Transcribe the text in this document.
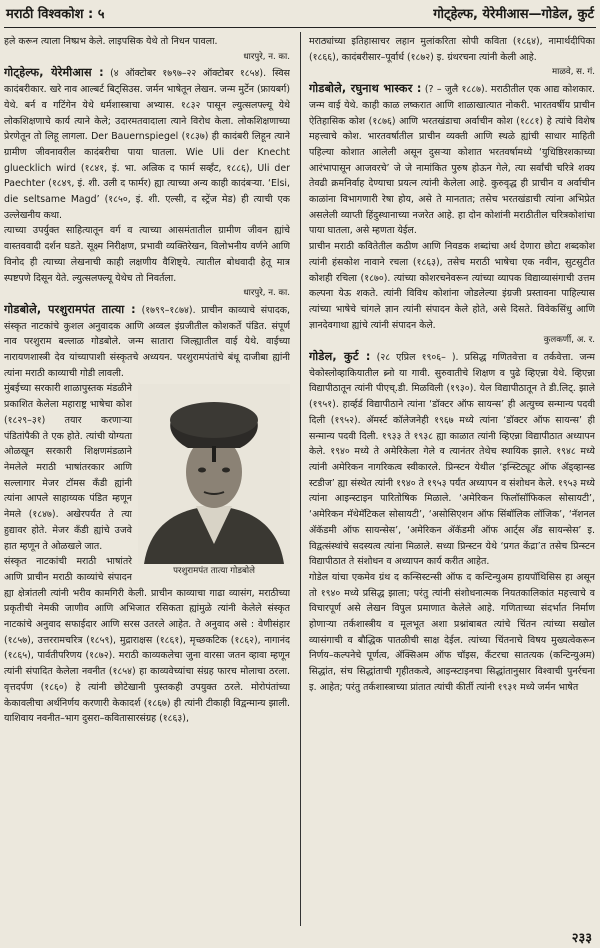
मराठी विश्वकोश : ५	गोट्हेल्फ, येरेमीआस—गोडेल, कुर्ट

हले करून त्याला निष्प्रभ केले. लाइपसिक येथे तो निधन पावला.

धारपुरे, न. का.

गोट्हेल्फ, येरेमीआस : (४ ऑक्टोबर १७९७–२२ ऑक्टोबर १८५४). स्विस कादंबरीकार. खरे नाव आल्बर्ट बिट्सिउस. जर्मन भाषेतून लेखन. जन्म मुर्टेन (फ्रायबर्ग) येथे. बर्न व गटिंगेन येथे धर्मशास्त्राचा अभ्यास. १८३२ पासून ल्युत्सलफ्ल्यू येथे लोकशिक्षणाचे कार्य त्याने केले; उदारमतवादाला त्याने विरोध केला. लोकशिक्षणाच्या प्रेरणेतून तो लिहू लागला. Der Bauernspiegel (१८३७) ही कादंबरी लिहून त्याने ग्रामीण जीवनावरील कादंबरीचा पाया घातला. Wie Uli der Knecht gluecklich wird (१८४१, इं. भा. अल्रिक द फार्म सर्व्हंट, १८८६), Uli der Paechter (१८४९, इं. शी. उली द फार्मर) ह्या त्याच्या अन्य काही कादंबऱ्या. ‘Elsi, die seltsame Magd’ (१८५०, इं. शी. एल्सी, द स्ट्रेंज मेड) ही त्याची एक उल्लेखनीय कथा.

त्याच्या उपर्युक्त साहित्यातून वर्ग व त्याच्या आसमंतातील ग्रामीण जीवन ह्यांचे वास्तववादी दर्शन घडते. सूक्ष्म निरीक्षण, प्रभावी व्यक्तिरेखन, विलोभनीय वर्णने आणि विनोद ही त्याच्या लेखनाची काही लक्षणीय वैशिष्ट्ये. त्यातील बोधवादी हेतू मात्र स्पष्टपणे दिसून येते. ल्युत्सलफ्ल्यू येथेच तो निवर्तला.

धारपुरे, न. का.

गोडबोले, परशुरामपंत तात्या : (१७९९–१८७४). प्राचीन काव्याचे संपादक, संस्कृत नाटकांचे कुशल अनुवादक आणि अव्वल इंग्रजीतील कोशकर्ते पंडित. संपूर्ण नाव परशुराम बल्लाळ गोडबोले. जन्म सातारा जिल्ह्यातील वाई येथे. वाईच्या नारायणशास्त्री देव यांच्यापाशी संस्कृतचे अध्ययन. परशुरामपंतांचे बंधू दाजीबा ह्यांनी त्यांना मराठी काव्याची गोडी लावली.

परशुरामपंत तात्या गोडबोले

मुंबईच्या सरकारी शाळापुस्तक मंडळीने प्रकाशित केलेला महाराष्ट्र भाषेचा कोश (१८२९–३१) तयार करणाऱ्या पंडितांपैकी ते एक होते. त्यांची योग्यता ओळखून सरकारी शिक्षणमंडळाने नेमलेले मराठी भाषांतरकार आणि सल्लागार मेजर टॉमस कँडी ह्यांनी त्यांना आपले साहाय्यक पंडित म्हणून नेमले (१८४७). अखेरपर्यंत ते त्या हुद्यावर होते. मेजर कँडी ह्यांचे उजवे हात म्हणून ते ओळखले जात.

संस्कृत नाटकांची मराठी भाषांतरे आणि प्राचीन मराठी काव्यांचे संपादन ह्या क्षेत्रांतली त्यांनी भरीव कामगिरी केली. प्राचीन काव्याचा गाढा व्यासंग, मराठीच्या प्रकृतीची नेमकी जाणीव आणि अभिजात रसिकता ह्यांमुळे त्यांनी केलेले संस्कृत नाटकांचे अनुवाद सफाईदार आणि सरस उतरले आहेत. ते अनुवाद असे : वेणीसंहार (१८५७), उत्तररामचरित्र (१८५९), मुद्राराक्षस (१८६१), मृच्छकटिक (१८६२), नागानंद (१८६५), पार्वतीपरिणय (१८७२). मराठी काव्यकलेचा जुना वारसा जतन व्हावा म्हणून त्यांनी संपादित केलेला नवनीत (१८५४) हा काव्यवेच्यांचा संग्रह फारच मोलाचा ठरला. वृत्तदर्पण (१८६०) हे त्यांनी छोटेखानी पुस्तकही उपयुक्त ठरले. मोरोपंतांच्या केकावलीचा अर्थनिर्णय करणारी केकादर्श (१८६७) ही त्यांनी टीकाही विद्वन्मान्य झाली. याशिवाय नवनीत–भाग दुसरा–कवितासारसंग्रह (१८६३),

मराठ्यांच्या इतिहासाचर लहान मुलांकरिता सोपी कविता (१८६४), नामार्थदीपिका (१८६६), कादंबरीसार–पूर्वार्ध (१८७२) इ. ग्रंथरचना त्यांनी केली आहे.

माळवे, स. गं.

गोडबोले, रघुनाथ भास्कर : (? – जुलै १८८७). मराठीतील एक आद्य कोशकार. जन्म वाई येथे. काही काळ लष्करात आणि शाळाखात्यात नोकरी. भारतवर्षीय प्राचीन ऐतिहासिक कोश (१८७६) आणि भरतखंडाचा अर्वाचीन कोश (१८८१) हे त्यांचे विशेष महत्त्वाचे कोश. भारतवर्षातील प्राचीन व्यक्ती आणि स्थळे ह्यांची साधार माहिती पहिल्या कोशात आलेली असून दुसऱ्या कोशात भरतवर्षामध्ये ‘युधिष्ठिरशकाच्या आरंभापासून आजवरचे’ जे जे नामांकित पुरुष होऊन गेले, त्या सर्वांची चरित्रे शक्य तेवढी क्रमनिर्वाह देण्याचा प्रयत्न त्यांनी केलेला आहे. कुरुवृद्ध ही प्राचीन व अर्वाचीन काळांना विभागणारी रेषा होय, असे ते मानतात; तसेच भरतखंडाची त्यांना अभिप्रेत असलेली व्याप्ती हिंदुस्थानाच्या नजरेत आहे. हा दोन कोशांनी मराठीतील चरित्रकोशांचा पाया घातला, असे म्हणता येईल.

प्राचीन मराठी कवितेतील कठीण आणि निवडक शब्दांचा अर्थ देणारा छोटा शब्दकोश त्यांनी हंसकोश नावाने रचला (१८६३), तसेच मराठी भाषेचा एक नवीन, सुटसुटीत कोशही रचिला (१८७०). त्यांच्या कोशरचनेवरून त्यांच्या व्यापक विद्याव्यासंगाची उत्तम कल्पना येऊ शकते. त्यांनी विविध कोशांना जोडलेल्या इंग्रजी प्रस्तावना पाहिल्यास त्यांच्या भाषेचे चांगले ज्ञान त्यांनी संपादन केले होते, असे दिसते. विवेकसिंधु आणि ज्ञानदेवगाथा ह्यांचे त्यांनी संपादन केले.

कुलकर्णी, अ. र.

गोडेल, कुर्ट : (२८ एप्रिल १९०६– ). प्रसिद्ध गणितवेत्ता व तर्कवेत्ता. जन्म चेकोस्लोव्हाकियातील ब्र्नो या गावी. सुरुवातीचे शिक्षण व पुढे व्हिएन्ना येथे. व्हिएन्ना विद्यापीठातून त्यांनी पीएच्.डी. मिळविली (१९३०). येल विद्यापीठातून ते डी.लिट्. झाले (१९५१). हार्व्हर्ड विद्यापीठाने त्यांना ‘डॉक्टर ऑफ सायन्स’ ही अत्युच्च सन्मान्य पदवी दिली (१९५२). ॲमर्स्ट कॉलेजनेही १९६७ मध्ये त्यांना ‘डॉक्टर ऑफ सायन्स’ ही सन्मान्य पदवी दिली. १९३३ ते १९३८ ह्या काळात त्यांनी व्हिएन्ना विद्यापीठात अध्यापन केले. १९४० मध्ये ते अमेरिकेला गेले व त्यानंतर तेथेच स्थायिक झाले. १९४८ मध्ये त्यांनी अमेरिकन नागरिकत्व स्वीकारले. प्रिन्स्टन येथील ‘इन्स्टिट्यूट ऑफ ॲड्व्हान्स्ड स्टडीज’ ह्या संस्थेत त्यांनी १९४० ते १९५३ पर्यंत अध्यापन व संशोधन केले. १९५३ मध्ये त्यांना आइन्स्टाइन पारितोषिक मिळाले. ‘अमेरिकन फिलॉसॉफिकल सोसायटी’, ‘अमेरिकन मॅथेमॅटिकल सोसायटी’, ‘असोसिएशन ऑफ सिंबॉलिक लॉजिक’, ‘नॅशनल ॲकॅडमी ऑफ सायन्सेस’, ‘अमेरिकन ॲकॅडमी ऑफ आर्ट्स अँड सायन्सेस’ इ. विद्वत्संस्थांचे सदस्यत्व त्यांना मिळाले. सध्या प्रिन्स्टन येथे ‘प्रगत केंद्रा’त तसेच प्रिन्स्टन विद्यापीठात ते संशोधन व अध्यापन कार्य करीत आहेत.

गोडेल यांचा एकमेव ग्रंथ द कन्सिस्टन्सी ऑफ द कन्टिन्युअम हायपॉथिसिस हा असून तो १९४० मध्ये प्रसिद्ध झाला; परंतु त्यांनी संशोधनात्मक नियतकालिकांत महत्त्वाचे व विचारपूर्ण असे लेखन विपुल प्रमाणात केलेले आहे. गणिताच्या संदर्भात निर्माण होणाऱ्या तर्कशास्त्रीय व मूलभूत अशा प्रश्नांबाबत त्यांचे चिंतन त्यांच्या सखोल व्यासंगाची व बौद्धिक पातळीची साक्ष देईल. त्यांच्या चिंतनाचे विषय मुख्यत्वेकरून निर्णय–कल्पनेचे पूर्णत्व, ॲक्सिअम ऑफ चॉइस, कँटरचा सातत्यक (कन्टिन्युअम) सिद्धांत, संच सिद्धांताची गृहीतकत्वे, आइन्स्टाइनचा सिद्धांतानुसार विश्वाची पुनर्रचना इ. आहेत; परंतु तर्कशास्त्राच्या प्रांतात त्यांची कीर्ती त्यांनी १९३१ मध्ये जर्मन भाषेत

२३३
